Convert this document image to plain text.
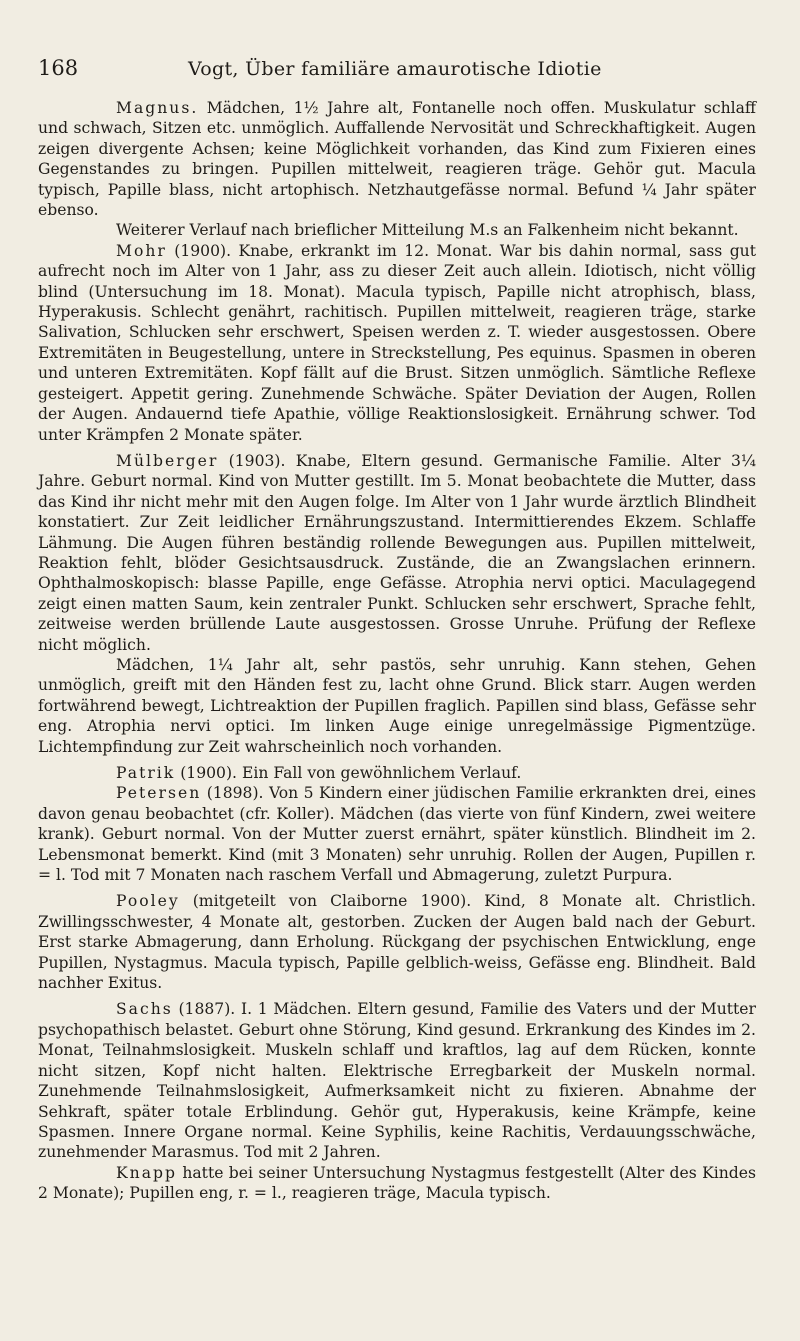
168	Vogt, Über familiäre amaurotische Idiotie

Magnus. Mädchen, 1½ Jahre alt, Fontanelle noch offen. Muskulatur schlaff und schwach, Sitzen etc. unmöglich. Auffallende Nervosität und Schreckhaftigkeit. Augen zeigen divergente Achsen; keine Möglichkeit vorhanden, das Kind zum Fixieren eines Gegenstandes zu bringen. Pupillen mittelweit, reagieren träge. Gehör gut. Macula typisch, Papille blass, nicht artophisch. Netzhautgefässe normal. Befund ¼ Jahr später ebenso.

Weiterer Verlauf nach brieflicher Mitteilung M.s an Falkenheim nicht bekannt.

Mohr (1900). Knabe, erkrankt im 12. Monat. War bis dahin normal, sass gut aufrecht noch im Alter von 1 Jahr, ass zu dieser Zeit auch allein. Idiotisch, nicht völlig blind (Untersuchung im 18. Monat). Macula typisch, Papille nicht atrophisch, blass, Hyperakusis. Schlecht genährt, rachitisch. Pupillen mittelweit, reagieren träge, starke Salivation, Schlucken sehr erschwert, Speisen werden z. T. wieder ausgestossen. Obere Extremitäten in Beugestellung, untere in Streckstellung, Pes equinus. Spasmen in oberen und unteren Extremitäten. Kopf fällt auf die Brust. Sitzen unmöglich. Sämtliche Reflexe gesteigert. Appetit gering. Zunehmende Schwäche. Später Deviation der Augen, Rollen der Augen. Andauernd tiefe Apathie, völlige Reaktionslosigkeit. Ernährung schwer. Tod unter Krämpfen 2 Monate später.

Mülberger (1903). Knabe, Eltern gesund. Germanische Familie. Alter 3¼ Jahre. Geburt normal. Kind von Mutter gestillt. Im 5. Monat beobachtete die Mutter, dass das Kind ihr nicht mehr mit den Augen folge. Im Alter von 1 Jahr wurde ärztlich Blindheit konstatiert. Zur Zeit leidlicher Ernährungszustand. Intermittierendes Ekzem. Schlaffe Lähmung. Die Augen führen beständig rollende Bewegungen aus. Pupillen mittelweit, Reaktion fehlt, blöder Gesichtsausdruck. Zustände, die an Zwangslachen erinnern. Ophthalmoskopisch: blasse Papille, enge Gefässe. Atrophia nervi optici. Maculagegend zeigt einen matten Saum, kein zentraler Punkt. Schlucken sehr erschwert, Sprache fehlt, zeitweise werden brüllende Laute ausgestossen. Grosse Unruhe. Prüfung der Reflexe nicht möglich.

Mädchen, 1¼ Jahr alt, sehr pastös, sehr unruhig. Kann stehen, Gehen unmöglich, greift mit den Händen fest zu, lacht ohne Grund. Blick starr. Augen werden fortwährend bewegt, Lichtreaktion der Pupillen fraglich. Papillen sind blass, Gefässe sehr eng. Atrophia nervi optici. Im linken Auge einige unregelmässige Pigmentzüge. Lichtempfindung zur Zeit wahrscheinlich noch vorhanden.

Patrik (1900). Ein Fall von gewöhnlichem Verlauf.

Petersen (1898). Von 5 Kindern einer jüdischen Familie erkrankten drei, eines davon genau beobachtet (cfr. Koller). Mädchen (das vierte von fünf Kindern, zwei weitere krank). Geburt normal. Von der Mutter zuerst ernährt, später künstlich. Blindheit im 2. Lebensmonat bemerkt. Kind (mit 3 Monaten) sehr unruhig. Rollen der Augen, Pupillen r. = l. Tod mit 7 Monaten nach raschem Verfall und Abmagerung, zuletzt Purpura.

Pooley (mitgeteilt von Claiborne 1900). Kind, 8 Monate alt. Christlich. Zwillingsschwester, 4 Monate alt, gestorben. Zucken der Augen bald nach der Geburt. Erst starke Abmagerung, dann Erholung. Rückgang der psychischen Entwicklung, enge Pupillen, Nystagmus. Macula typisch, Papille gelblich-weiss, Gefässe eng. Blindheit. Bald nachher Exitus.

Sachs (1887). I. 1 Mädchen. Eltern gesund, Familie des Vaters und der Mutter psychopathisch belastet. Geburt ohne Störung, Kind gesund. Erkrankung des Kindes im 2. Monat, Teilnahmslosigkeit. Muskeln schlaff und kraftlos, lag auf dem Rücken, konnte nicht sitzen, Kopf nicht halten. Elektrische Erregbarkeit der Muskeln normal. Zunehmende Teilnahmslosigkeit, Aufmerksamkeit nicht zu fixieren. Abnahme der Sehkraft, später totale Erblindung. Gehör gut, Hyperakusis, keine Krämpfe, keine Spasmen. Innere Organe normal. Keine Syphilis, keine Rachitis, Verdauungsschwäche, zunehmender Marasmus. Tod mit 2 Jahren.

Knapp hatte bei seiner Untersuchung Nystagmus festgestellt (Alter des Kindes 2 Monate); Pupillen eng, r. = l., reagieren träge, Macula typisch.
